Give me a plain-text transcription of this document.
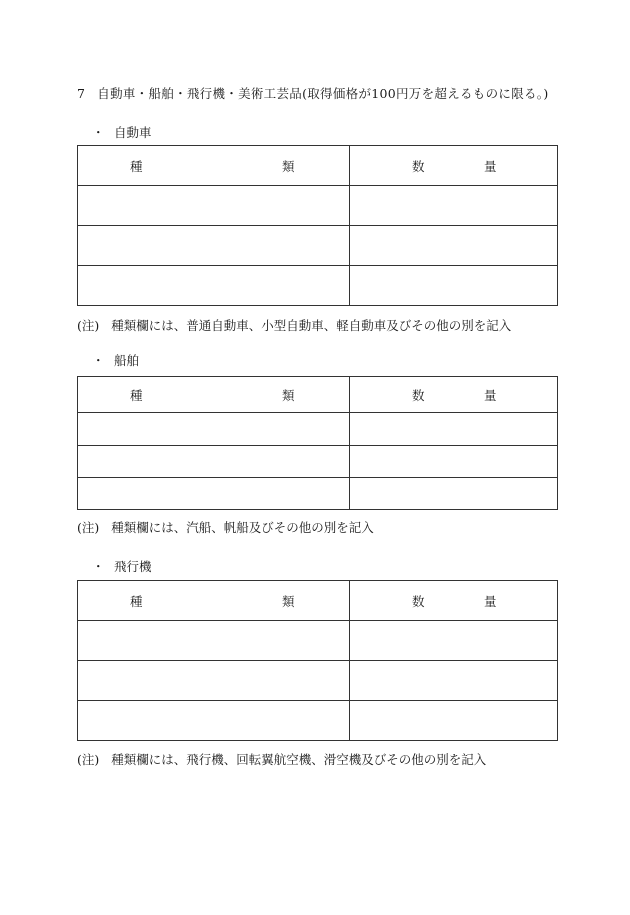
7 自動車・船舶・飛行機・美術工芸品(取得価格が100円万を超えるものに限る。)
・ 自動車
種 類	数 量

(注) 種類欄には、普通自動車、小型自動車、軽自動車及びその他の別を記入
・ 船舶
種 類	数 量

(注) 種類欄には、汽船、帆船及びその他の別を記入
・ 飛行機
種 類	数 量

(注) 種類欄には、飛行機、回転翼航空機、滑空機及びその他の別を記入
